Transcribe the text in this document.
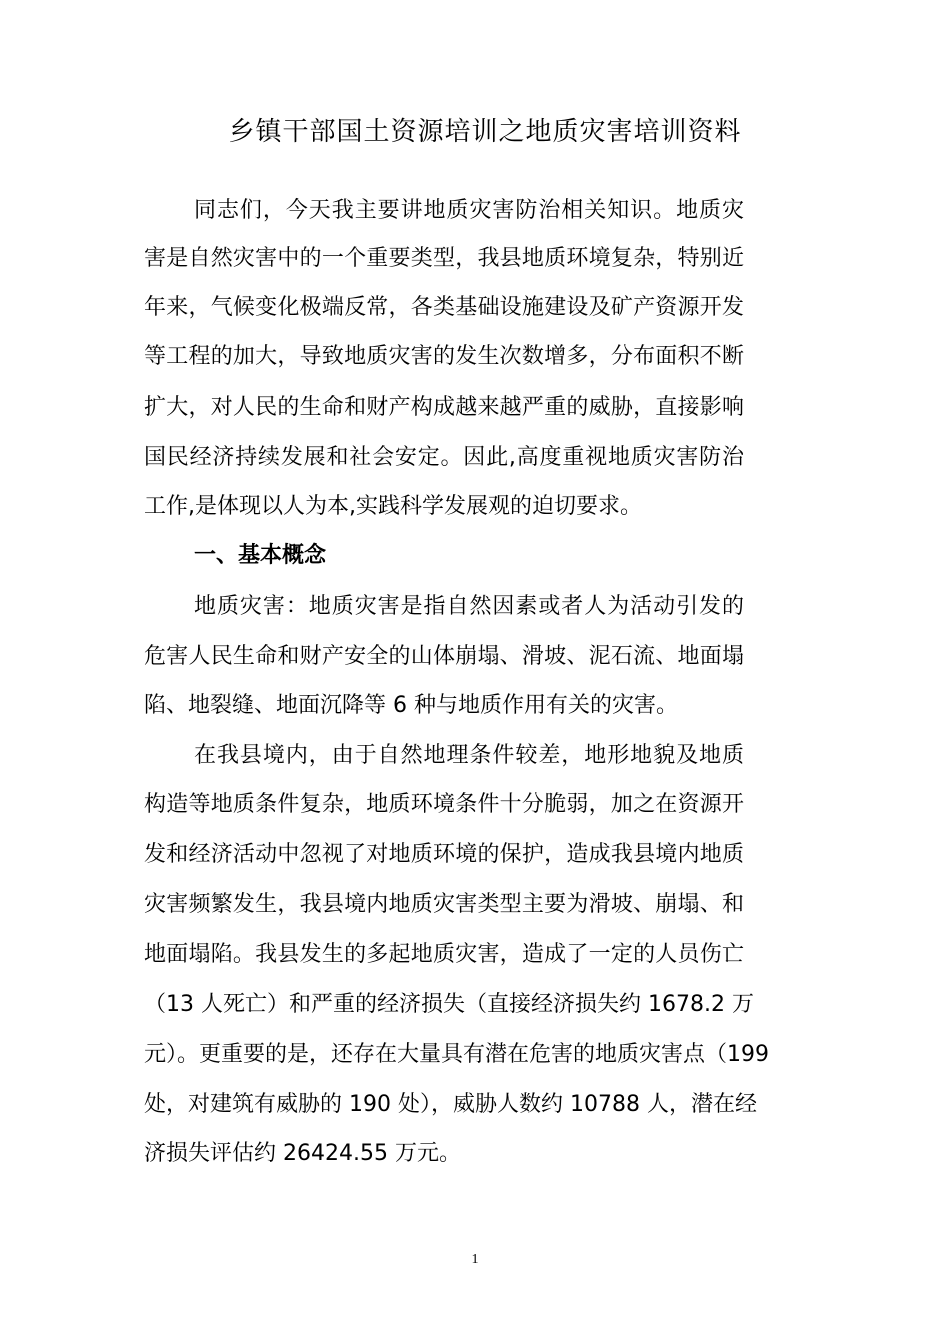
乡镇干部国土资源培训之地质灾害培训资料
同志们，今天我主要讲地质灾害防治相关知识。地质灾
害是自然灾害中的一个重要类型，我县地质环境复杂，特别近
年来，气候变化极端反常，各类基础设施建设及矿产资源开发
等工程的加大，导致地质灾害的发生次数增多，分布面积不断
扩大，对人民的生命和财产构成越来越严重的威胁，直接影响
国民经济持续发展和社会安定。因此,高度重视地质灾害防治
工作,是体现以人为本,实践科学发展观的迫切要求。
一、基本概念
地质灾害：地质灾害是指自然因素或者人为活动引发的
危害人民生命和财产安全的山体崩塌、滑坡、泥石流、地面塌
陷、地裂缝、地面沉降等 6 种与地质作用有关的灾害。
在我县境内，由于自然地理条件较差，地形地貌及地质
构造等地质条件复杂，地质环境条件十分脆弱，加之在资源开
发和经济活动中忽视了对地质环境的保护，造成我县境内地质
灾害频繁发生，我县境内地质灾害类型主要为滑坡、崩塌、和
地面塌陷。我县发生的多起地质灾害，造成了一定的人员伤亡
（13 人死亡）和严重的经济损失（直接经济损失约 1678.2 万
元）。更重要的是，还存在大量具有潜在危害的地质灾害点（199
处，对建筑有威胁的 190 处），威胁人数约 10788 人，潜在经
济损失评估约 26424.55 万元。
1
